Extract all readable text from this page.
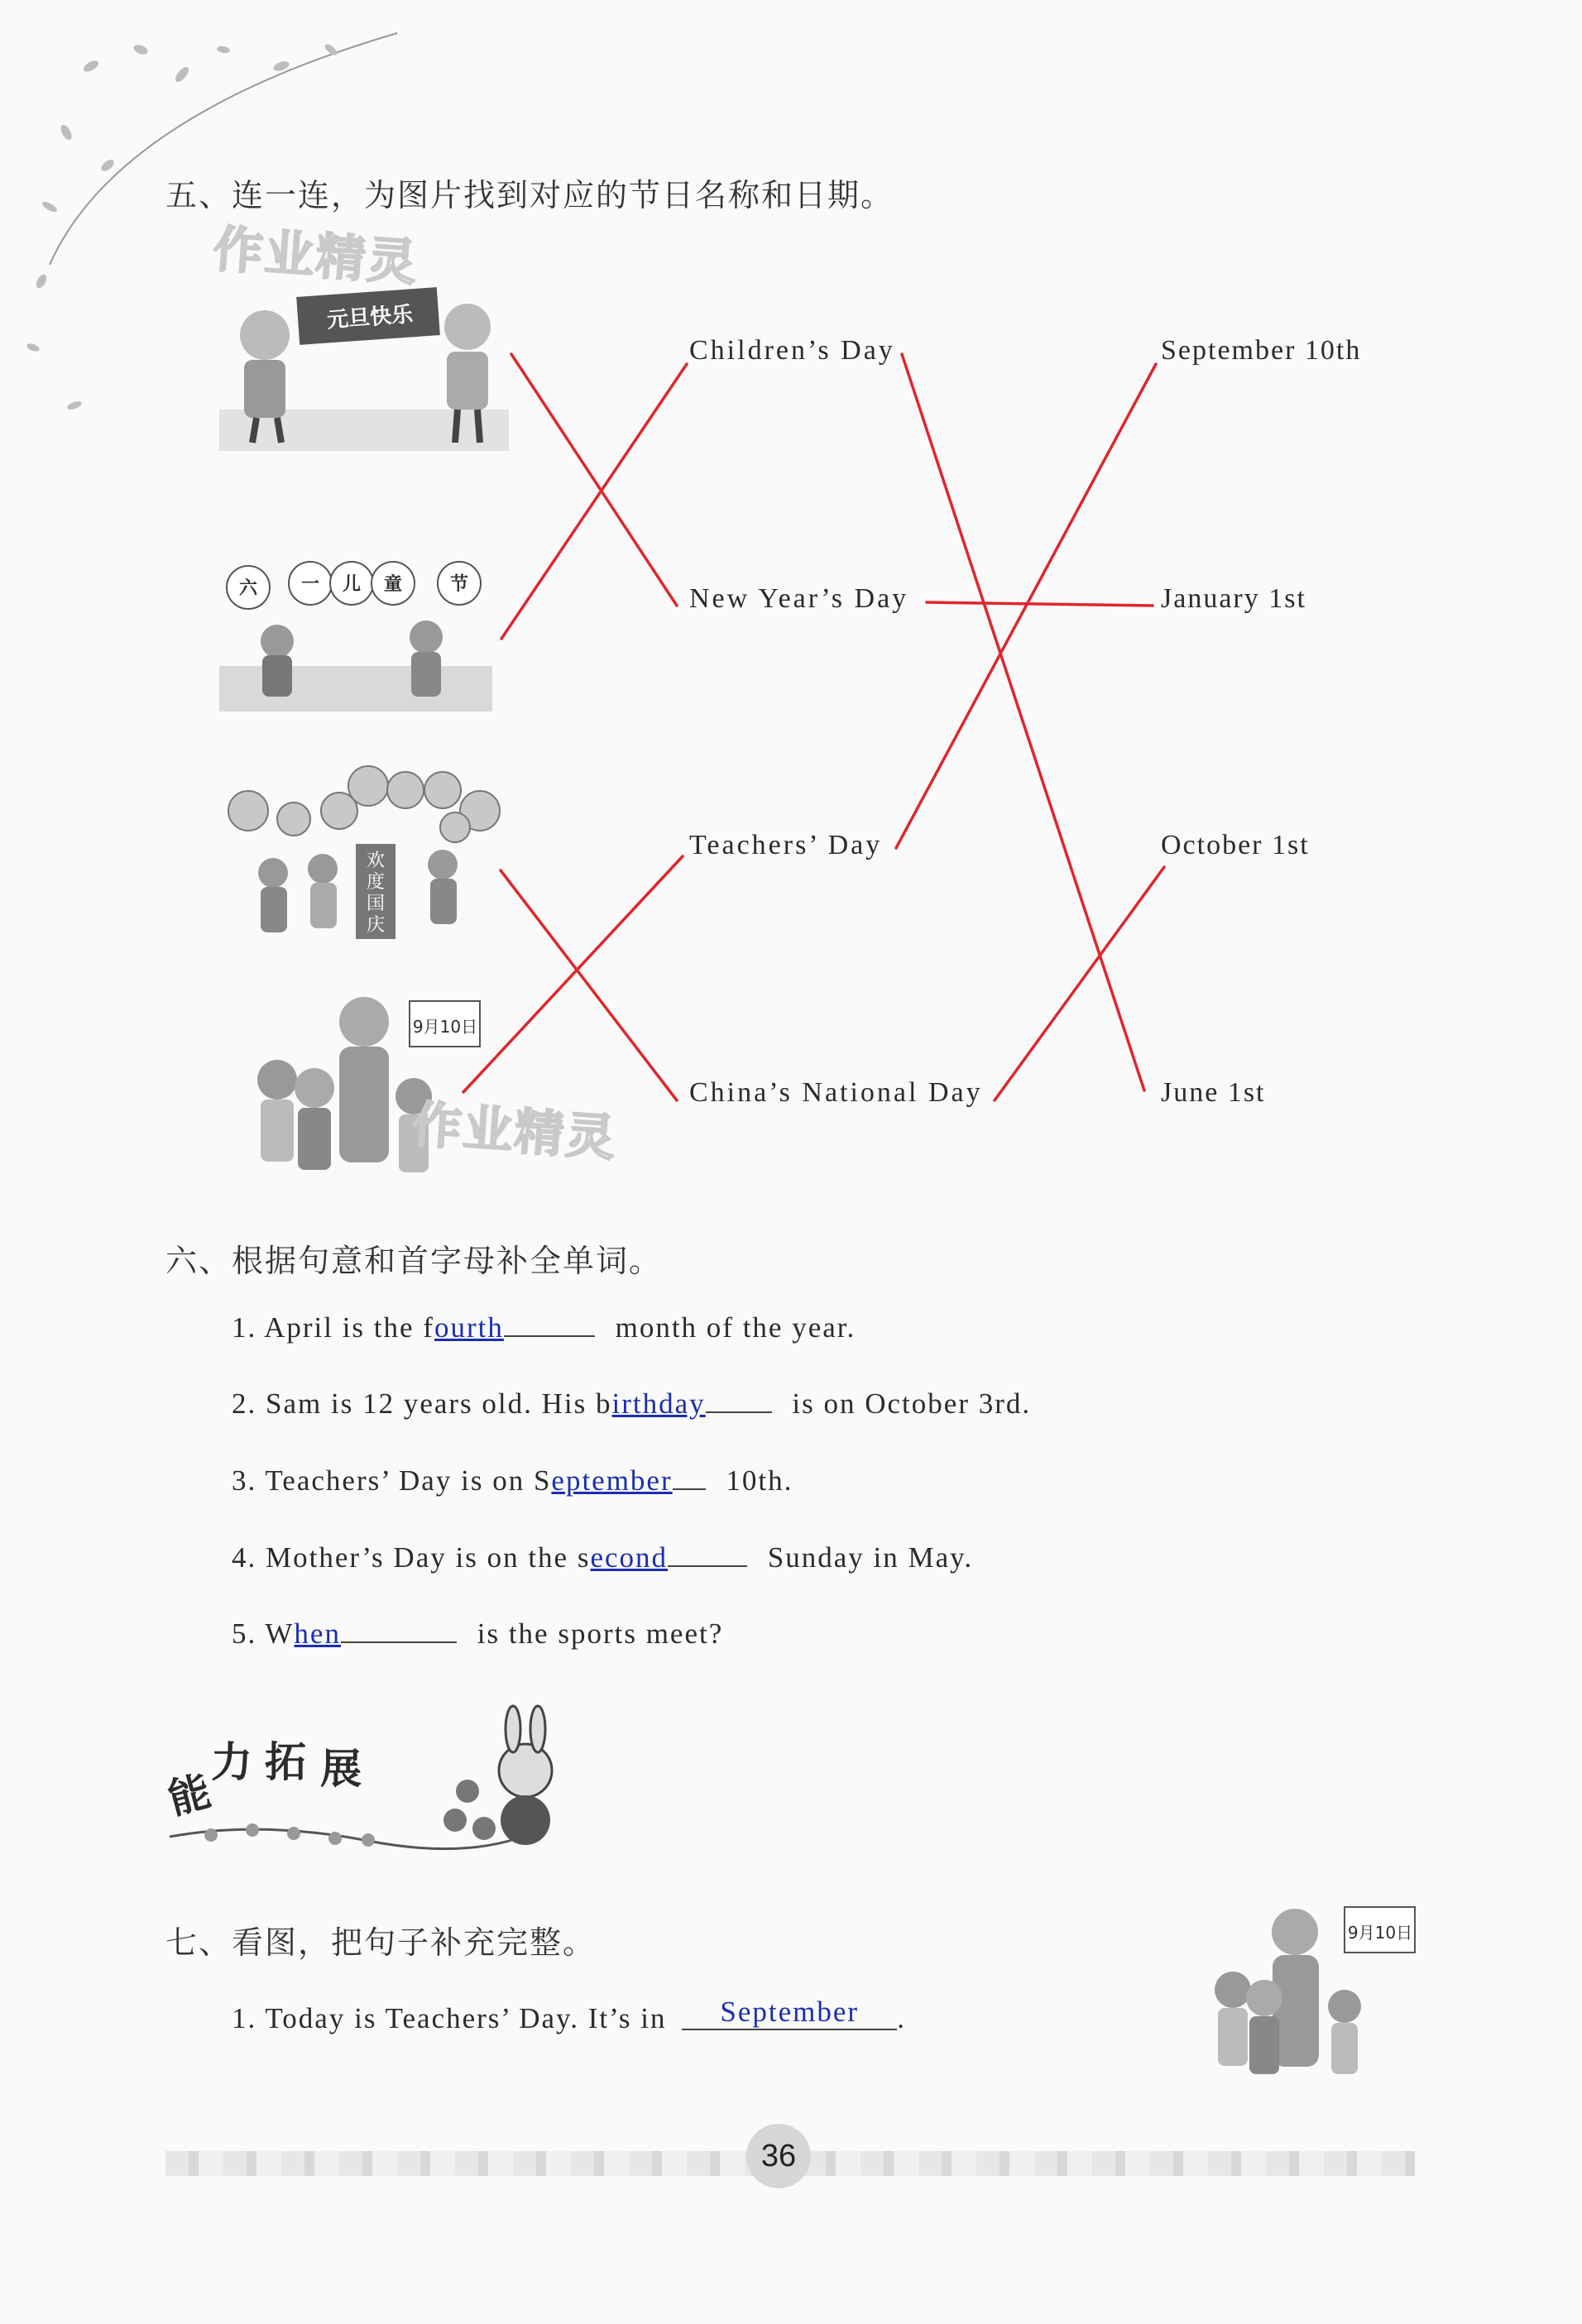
五、连一连，为图片找到对应的节日名称和日期。
作业精灵
元旦快乐
六 一 儿 童	节
欢度国庆
9月10日
作业精灵
Children’s Day
New Year’s Day
Teachers’ Day
China’s National Day
September 10th
January 1st
October 1st
June 1st
六、根据句意和首字母补全单词。
1. April is the fourth	month of the year.
2. Sam is 12 years old. His birthday	is on October 3rd.
3. Teachers’ Day is on September 10th.
4. Mother’s Day is on the second	Sunday in May.
5. When	is the sports meet?
能
力 拓 展
七、看图，把句子补充完整。
1. Today is Teachers’ Day. It’s in September .
9月10日
36
